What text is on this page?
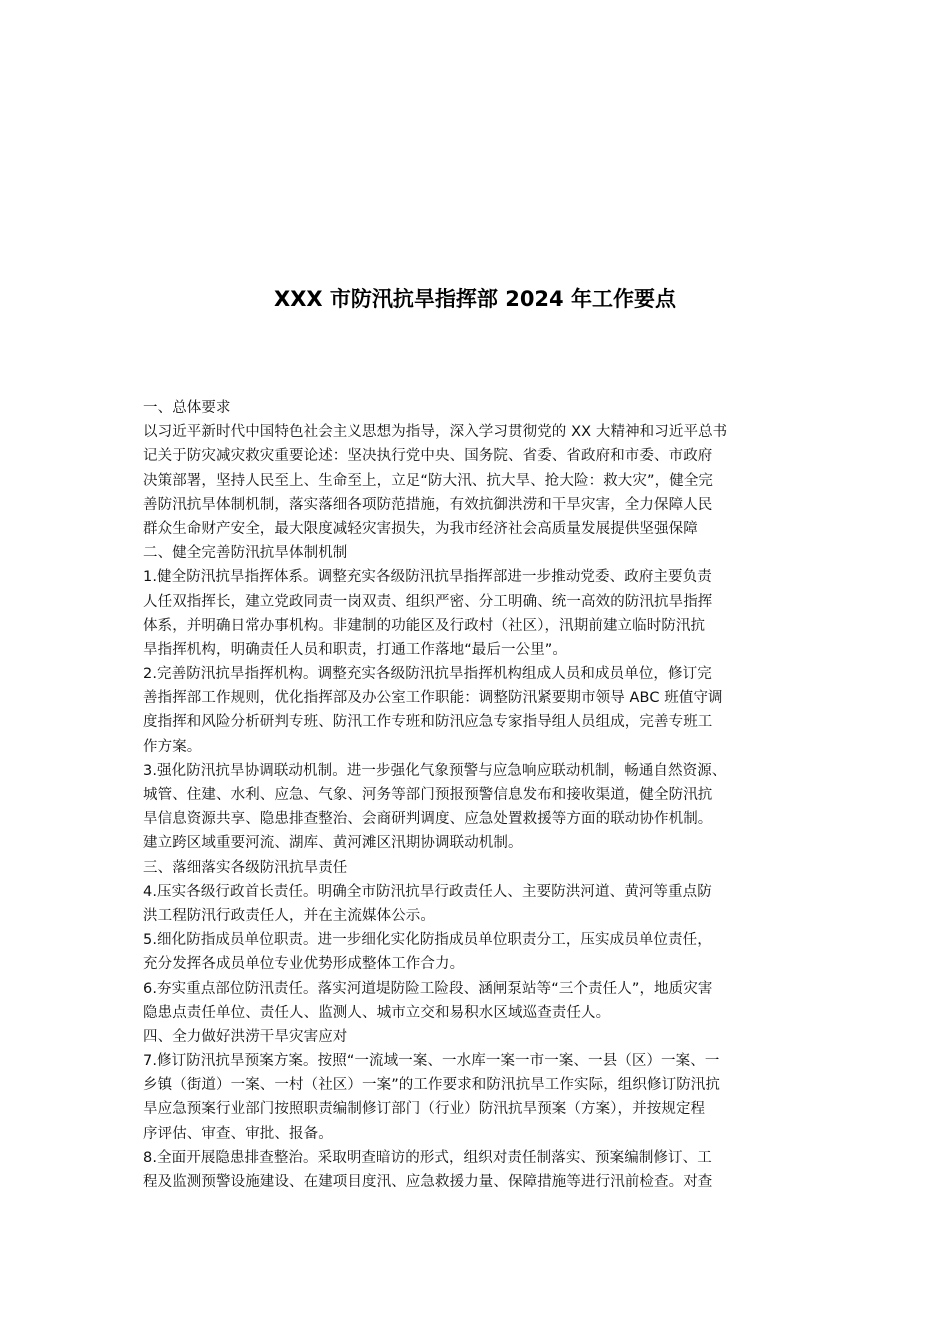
XXX 市防汛抗旱指挥部 2024 年工作要点
一、总体要求
以习近平新时代中国特色社会主义思想为指导，深入学习贯彻党的 XX 大精神和习近平总书
记关于防灾减灾救灾重要论述：坚决执行党中央、国务院、省委、省政府和市委、市政府
决策部署，坚持人民至上、生命至上，立足“防大汛、抗大旱、抢大险：救大灾”，健全完
善防汛抗旱体制机制，落实落细各项防范措施，有效抗御洪涝和干旱灾害，全力保障人民
群众生命财产安全，最大限度减轻灾害损失，为我市经济社会高质量发展提供坚强保障
二、健全完善防汛抗旱体制机制
1.健全防汛抗旱指挥体系。调整充实各级防汛抗旱指挥部进一步推动党委、政府主要负责
人任双指挥长，建立党政同责一岗双责、组织严密、分工明确、统一高效的防汛抗旱指挥
体系，并明确日常办事机构。非建制的功能区及行政村（社区），汛期前建立临时防汛抗
旱指挥机构，明确责任人员和职责，打通工作落地“最后一公里”。
2.完善防汛抗旱指挥机构。调整充实各级防汛抗旱指挥机构组成人员和成员单位，修订完
善指挥部工作规则，优化指挥部及办公室工作职能：调整防汛紧要期市领导 ABC 班值守调
度指挥和风险分析研判专班、防汛工作专班和防汛应急专家指导组人员组成，完善专班工
作方案。
3.强化防汛抗旱协调联动机制。进一步强化气象预警与应急响应联动机制，畅通自然资源、
城管、住建、水利、应急、气象、河务等部门预报预警信息发布和接收渠道，健全防汛抗
旱信息资源共享、隐患排查整治、会商研判调度、应急处置救援等方面的联动协作机制。
建立跨区域重要河流、湖库、黄河滩区汛期协调联动机制。
三、落细落实各级防汛抗旱责任
4.压实各级行政首长责任。明确全市防汛抗旱行政责任人、主要防洪河道、黄河等重点防
洪工程防汛行政责任人，并在主流媒体公示。
5.细化防指成员单位职责。进一步细化实化防指成员单位职责分工，压实成员单位责任，
充分发挥各成员单位专业优势形成整体工作合力。
6.夯实重点部位防汛责任。落实河道堤防险工险段、涵闸泵站等“三个责任人”，地质灾害
隐患点责任单位、责任人、监测人、城市立交和易积水区域巡查责任人。
四、全力做好洪涝干旱灾害应对
7.修订防汛抗旱预案方案。按照“一流域一案、一水库一案一市一案、一县（区）一案、一
乡镇（街道）一案、一村（社区）一案”的工作要求和防汛抗旱工作实际，组织修订防汛抗
旱应急预案行业部门按照职责编制修订部门（行业）防汛抗旱预案（方案），并按规定程
序评估、审查、审批、报备。
8.全面开展隐患排查整治。采取明查暗访的形式，组织对责任制落实、预案编制修订、工
程及监测预警设施建设、在建项目度汛、应急救援力量、保障措施等进行汛前检查。对查
